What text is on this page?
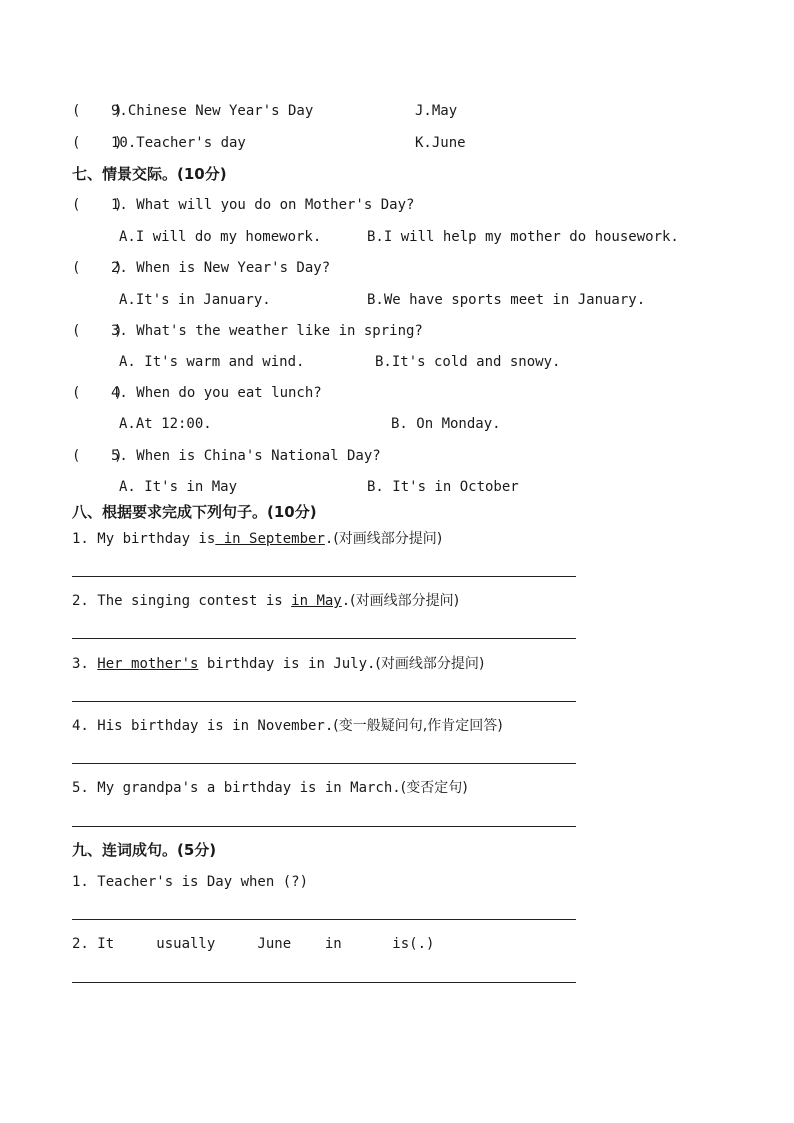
(    )
9.Chinese New Year's Day	J.May
(    )
10.Teacher's day	K.June
七、情景交际。(10分)
(    )
1. What will you do on Mother's Day?
A.I will do my homework.	B.I will help my mother do housework.
(    )
2. When is New Year's Day?
A.It's in January.	B.We have sports meet in January.
(    )
3. What's the weather like in spring?
A. It's warm and wind.	B.It's cold and snowy.
(    )
4. When do you eat lunch?
A.At 12:00.	B. On Monday.
(    )
5. When is China's National Day?
A. It's in May	B. It's in October
八、根据要求完成下列句子。(10分)
1. My birthday is in September.(对画线部分提问)
2. The singing contest is in May.(对画线部分提问)
3. Her mother's birthday is in July.(对画线部分提问)
4. His birthday is in November.(变一般疑问句,作肯定回答)
5. My grandpa's a birthday is in March.(变否定句)
九、连词成句。(5分)
1. Teacher's is Day when (?)
2. It     usually     June    in      is(.)
